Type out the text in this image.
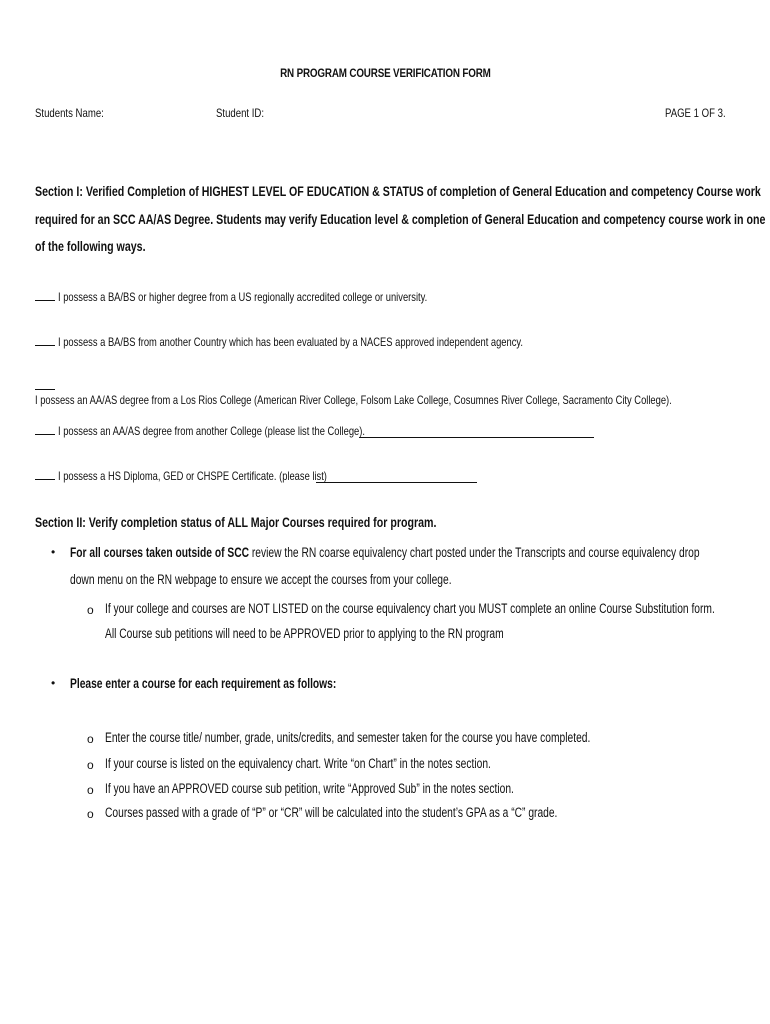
RN PROGRAM COURSE VERIFICATION FORM
Students Name:	Student ID:	PAGE 1 OF 3.
Section I: Verified Completion of HIGHEST LEVEL OF EDUCATION & STATUS of completion of General Education and competency Course work
required for an SCC AA/AS Degree. Students may verify Education level & completion of General Education and competency course work in one
of the following ways.
I possess a BA/BS or higher degree from a US regionally accredited college or university.
I possess a BA/BS from another Country which has been evaluated by a NACES approved independent agency.
I possess an AA/AS degree from a Los Rios College (American River College, Folsom Lake College, Cosumnes River College, Sacramento City College).
I possess an AA/AS degree from another College (please list the College).
I possess a HS Diploma, GED or CHSPE Certificate. (please list)
Section II: Verify completion status of ALL Major Courses required for program.
• For all courses taken outside of SCC review the RN coarse equivalency chart posted under the Transcripts and course equivalency drop
down menu on the RN webpage to ensure we accept the courses from your college.
o If your college and courses are NOT LISTED on the course equivalency chart you MUST complete an online Course Substitution form.
All Course sub petitions will need to be APPROVED prior to applying to the RN program
• Please enter a course for each requirement as follows:
o Enter the course title/ number, grade, units/credits, and semester taken for the course you have completed.
o If your course is listed on the equivalency chart. Write “on Chart” in the notes section.
o If you have an APPROVED course sub petition, write “Approved Sub” in the notes section.
o Courses passed with a grade of “P” or “CR” will be calculated into the student’s GPA as a “C” grade.
